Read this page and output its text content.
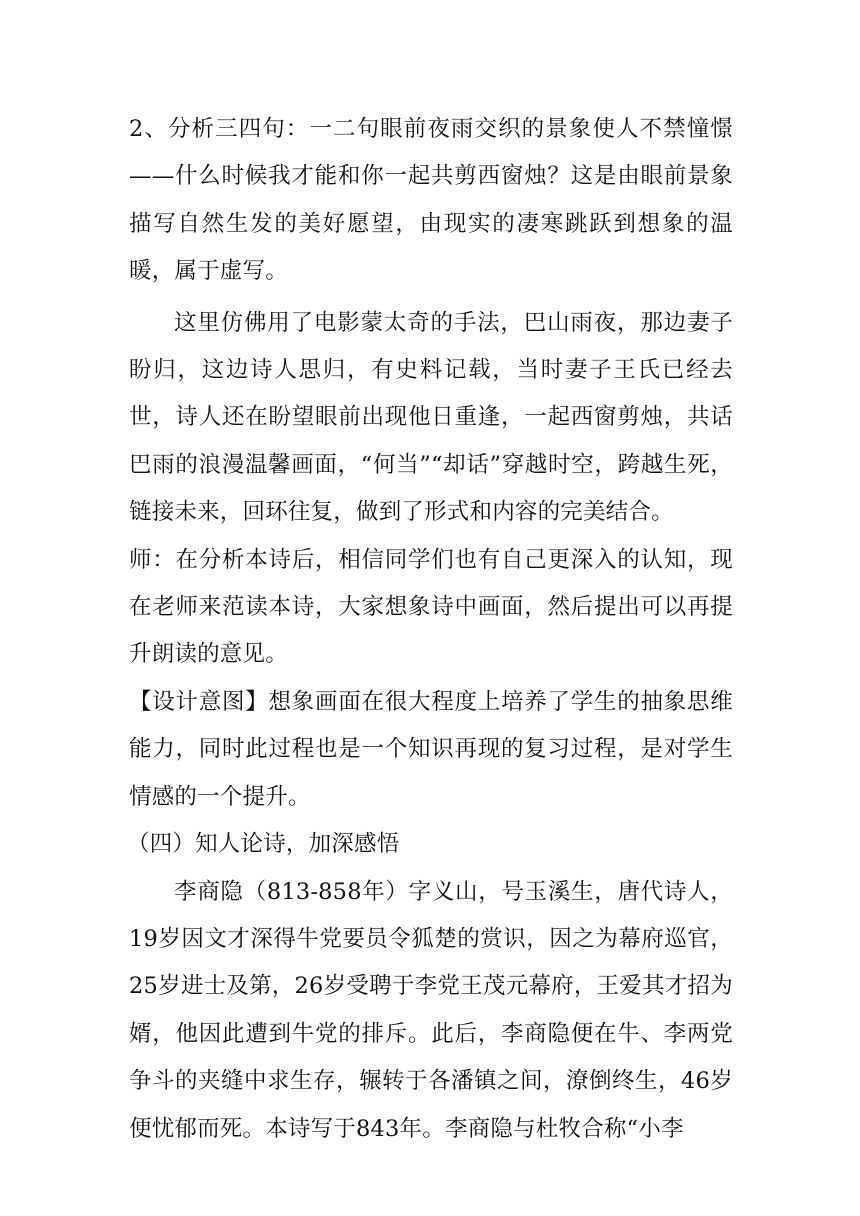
2、分析三四句：一二句眼前夜雨交织的景象使人不禁憧憬——什么时候我才能和你一起共剪西窗烛？这是由眼前景象描写自然生发的美好愿望，由现实的凄寒跳跃到想象的温暖，属于虚写。

这里仿佛用了电影蒙太奇的手法，巴山雨夜，那边妻子盼归，这边诗人思归，有史料记载，当时妻子王氏已经去世，诗人还在盼望眼前出现他日重逢，一起西窗剪烛，共话巴雨的浪漫温馨画面，“何当”“却话”穿越时空，跨越生死，链接未来，回环往复，做到了形式和内容的完美结合。

师：在分析本诗后，相信同学们也有自己更深入的认知，现在老师来范读本诗，大家想象诗中画面，然后提出可以再提升朗读的意见。

【设计意图】想象画面在很大程度上培养了学生的抽象思维能力，同时此过程也是一个知识再现的复习过程，是对学生情感的一个提升。

（四）知人论诗，加深感悟

李商隐（813-858年）字义山，号玉溪生，唐代诗人，19岁因文才深得牛党要员令狐楚的赏识，因之为幕府巡官，25岁进士及第，26岁受聘于李党王茂元幕府，王爱其才招为婿，他因此遭到牛党的排斥。此后，李商隐便在牛、李两党争斗的夹缝中求生存，辗转于各潘镇之间，潦倒终生，46岁便忧郁而死。本诗写于843年。李商隐与杜牧合称“小李
